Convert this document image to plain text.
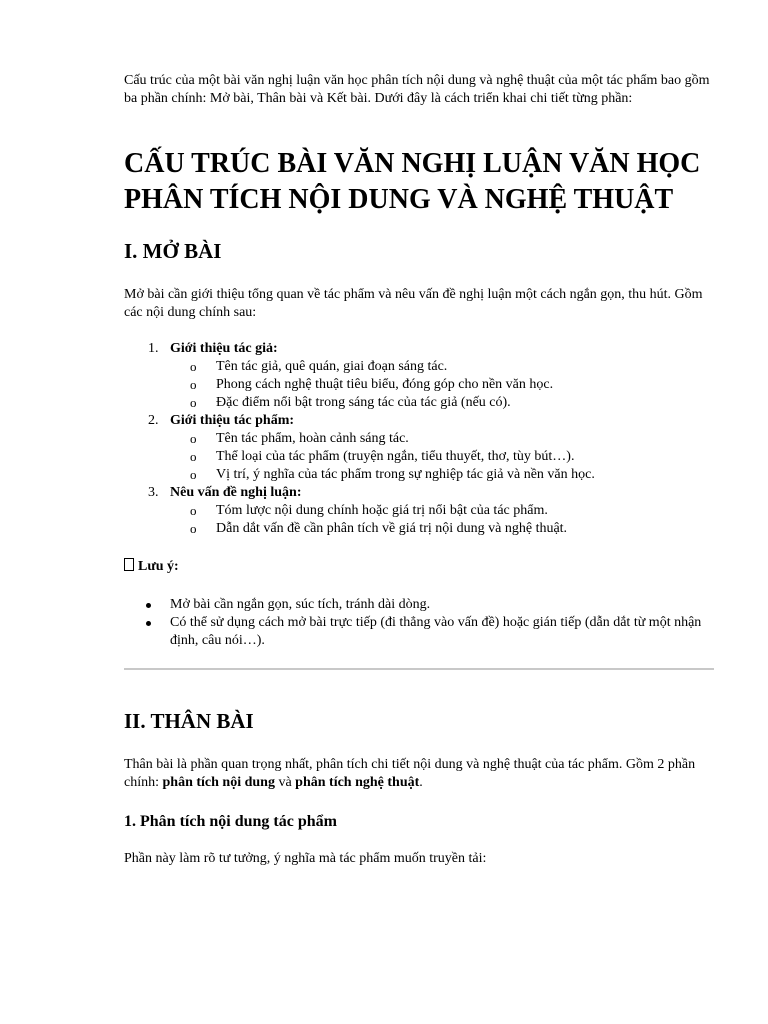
Cấu trúc của một bài văn nghị luận văn học phân tích nội dung và nghệ thuật của một tác phẩm bao gồm ba phần chính: Mở bài, Thân bài và Kết bài. Dưới đây là cách triển khai chi tiết từng phần:

CẤU TRÚC BÀI VĂN NGHỊ LUẬN VĂN HỌC PHÂN TÍCH NỘI DUNG VÀ NGHỆ THUẬT
I. MỞ BÀI

Mở bài cần giới thiệu tổng quan về tác phẩm và nêu vấn đề nghị luận một cách ngắn gọn, thu hút. Gồm các nội dung chính sau:

1. Giới thiệu tác giả:
o Tên tác giả, quê quán, giai đoạn sáng tác.
o Phong cách nghệ thuật tiêu biểu, đóng góp cho nền văn học.
o Đặc điểm nổi bật trong sáng tác của tác giả (nếu có).
2. Giới thiệu tác phẩm:
o Tên tác phẩm, hoàn cảnh sáng tác.
o Thể loại của tác phẩm (truyện ngắn, tiểu thuyết, thơ, tùy bút…).
o Vị trí, ý nghĩa của tác phẩm trong sự nghiệp tác giả và nền văn học.
3. Nêu vấn đề nghị luận:
o Tóm lược nội dung chính hoặc giá trị nổi bật của tác phẩm.
o Dẫn dắt vấn đề cần phân tích về giá trị nội dung và nghệ thuật.

Lưu ý:

Mở bài cần ngắn gọn, súc tích, tránh dài dòng.
Có thể sử dụng cách mở bài trực tiếp (đi thẳng vào vấn đề) hoặc gián tiếp (dẫn dắt từ một nhận định, câu nói…).
II. THÂN BÀI

Thân bài là phần quan trọng nhất, phân tích chi tiết nội dung và nghệ thuật của tác phẩm. Gồm 2 phần chính: phân tích nội dung và phân tích nghệ thuật.

1. Phân tích nội dung tác phẩm

Phần này làm rõ tư tưởng, ý nghĩa mà tác phẩm muốn truyền tải:
